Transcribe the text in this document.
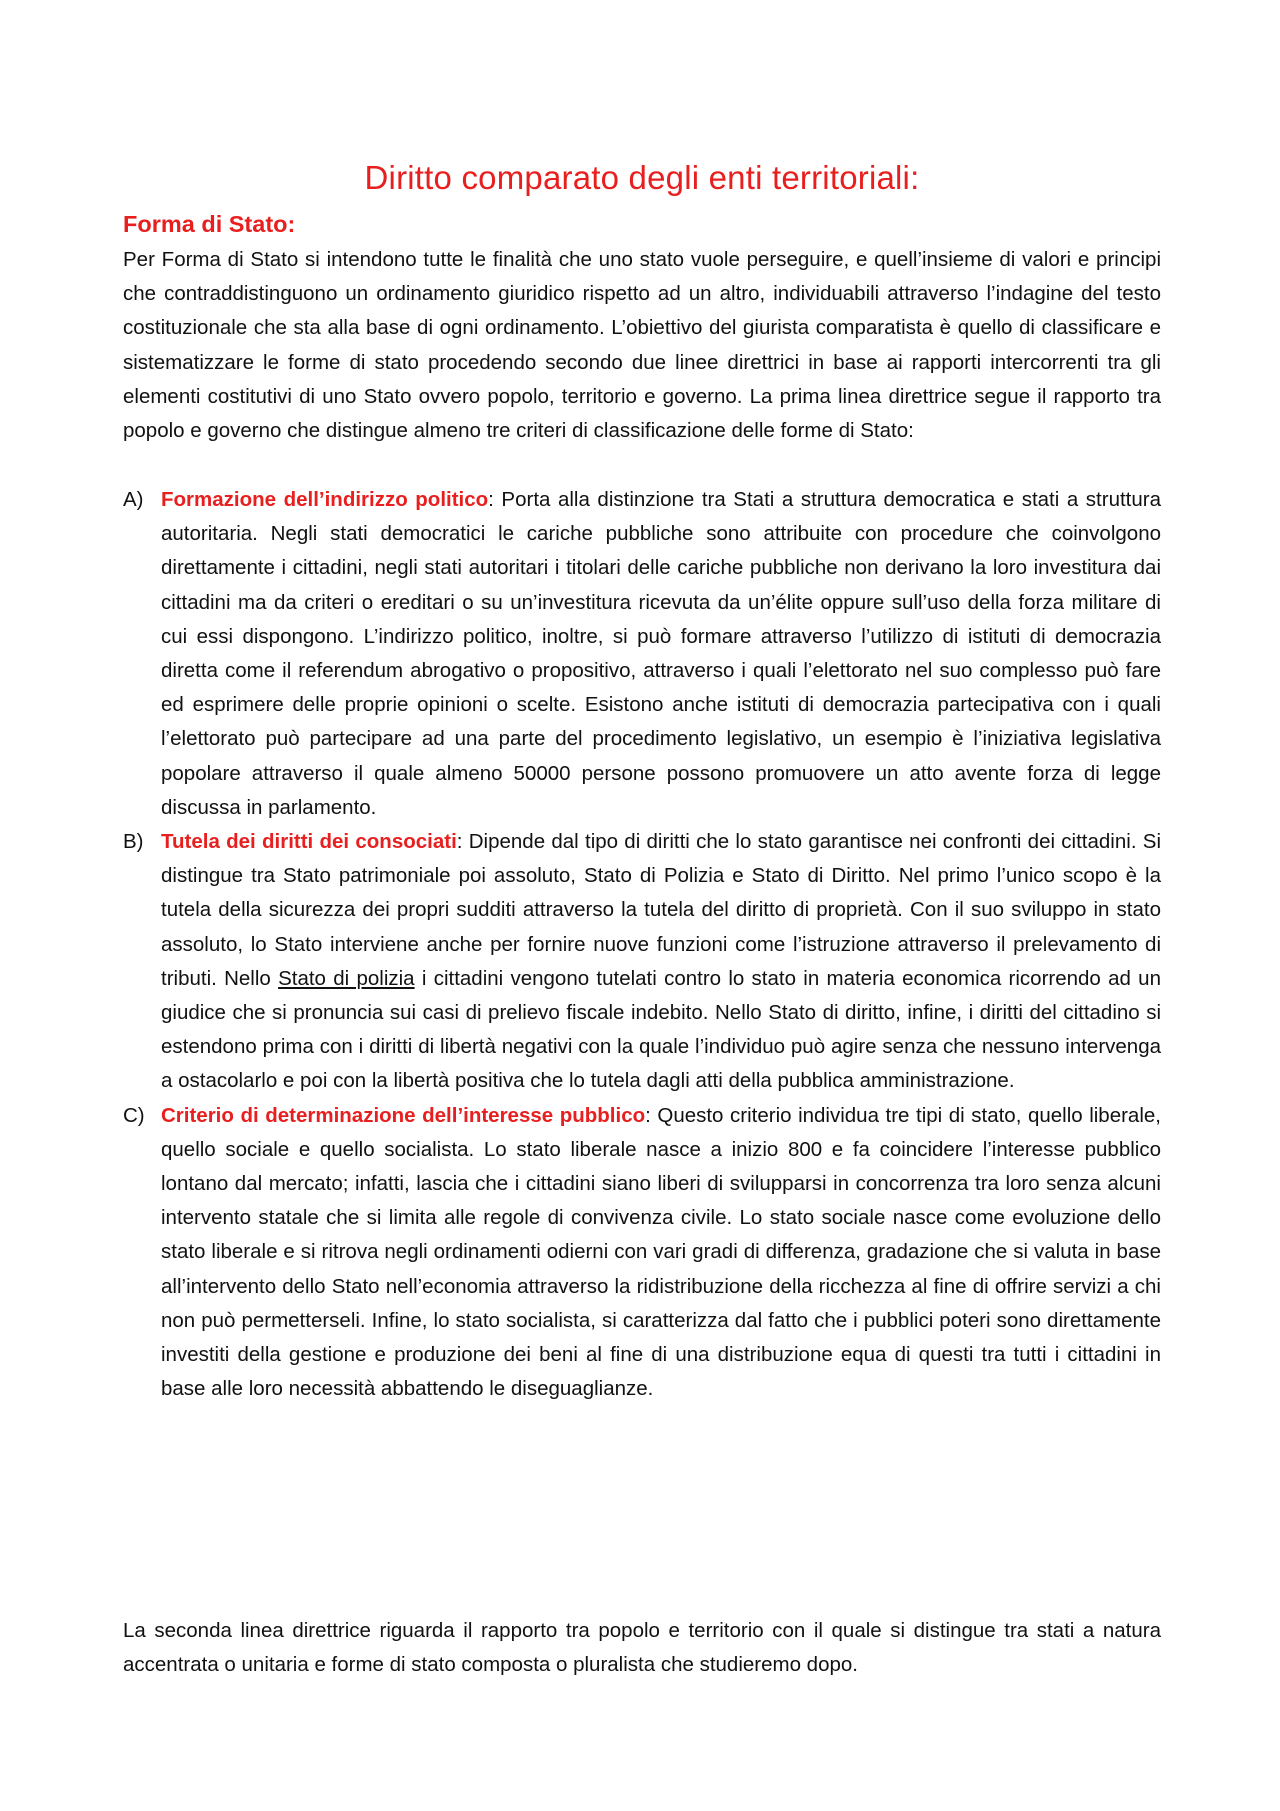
Diritto comparato degli enti territoriali:
Forma di Stato:

Per Forma di Stato si intendono tutte le finalità che uno stato vuole perseguire, e quell’insieme di valori e principi che contraddistinguono un ordinamento giuridico rispetto ad un altro, individuabili attraverso l’indagine del testo costituzionale che sta alla base di ogni ordinamento. L’obiettivo del giurista comparatista è quello di classificare e sistematizzare le forme di stato procedendo secondo due linee direttrici in base ai rapporti intercorrenti tra gli elementi costitutivi di uno Stato ovvero popolo, territorio e governo. La prima linea direttrice segue il rapporto tra popolo e governo che distingue almeno tre criteri di classificazione delle forme di Stato:

A) Formazione dell’indirizzo politico: Porta alla distinzione tra Stati a struttura democratica e stati a struttura autoritaria. Negli stati democratici le cariche pubbliche sono attribuite con procedure che coinvolgono direttamente i cittadini, negli stati autoritari i titolari delle cariche pubbliche non derivano la loro investitura dai cittadini ma da criteri o ereditari o su un’investitura ricevuta da un’élite oppure sull’uso della forza militare di cui essi dispongono. L’indirizzo politico, inoltre, si può formare attraverso l’utilizzo di istituti di democrazia diretta come il referendum abrogativo o propositivo, attraverso i quali l’elettorato nel suo complesso può fare ed esprimere delle proprie opinioni o scelte. Esistono anche istituti di democrazia partecipativa con i quali l’elettorato può partecipare ad una parte del procedimento legislativo, un esempio è l’iniziativa legislativa popolare attraverso il quale almeno 50000 persone possono promuovere un atto avente forza di legge discussa in parlamento.
B) Tutela dei diritti dei consociati: Dipende dal tipo di diritti che lo stato garantisce nei confronti dei cittadini. Si distingue tra Stato patrimoniale poi assoluto, Stato di Polizia e Stato di Diritto. Nel primo l’unico scopo è la tutela della sicurezza dei propri sudditi attraverso la tutela del diritto di proprietà. Con il suo sviluppo in stato assoluto, lo Stato interviene anche per fornire nuove funzioni come l’istruzione attraverso il prelevamento di tributi. Nello Stato di polizia i cittadini vengono tutelati contro lo stato in materia economica ricorrendo ad un giudice che si pronuncia sui casi di prelievo fiscale indebito. Nello Stato di diritto, infine, i diritti del cittadino si estendono prima con i diritti di libertà negativi con la quale l’individuo può agire senza che nessuno intervenga a ostacolarlo e poi con la libertà positiva che lo tutela dagli atti della pubblica amministrazione.
C) Criterio di determinazione dell’interesse pubblico: Questo criterio individua tre tipi di stato, quello liberale, quello sociale e quello socialista. Lo stato liberale nasce a inizio 800 e fa coincidere l’interesse pubblico lontano dal mercato; infatti, lascia che i cittadini siano liberi di svilupparsi in concorrenza tra loro senza alcuni intervento statale che si limita alle regole di convivenza civile. Lo stato sociale nasce come evoluzione dello stato liberale e si ritrova negli ordinamenti odierni con vari gradi di differenza, gradazione che si valuta in base all’intervento dello Stato nell’economia attraverso la ridistribuzione della ricchezza al fine di offrire servizi a chi non può permetterseli. Infine, lo stato socialista, si caratterizza dal fatto che i pubblici poteri sono direttamente investiti della gestione e produzione dei beni al fine di una distribuzione equa di questi tra tutti i cittadini in base alle loro necessità abbattendo le diseguaglianze.

La seconda linea direttrice riguarda il rapporto tra popolo e territorio con il quale si distingue tra stati a natura accentrata o unitaria e forme di stato composta o pluralista che studieremo dopo.
